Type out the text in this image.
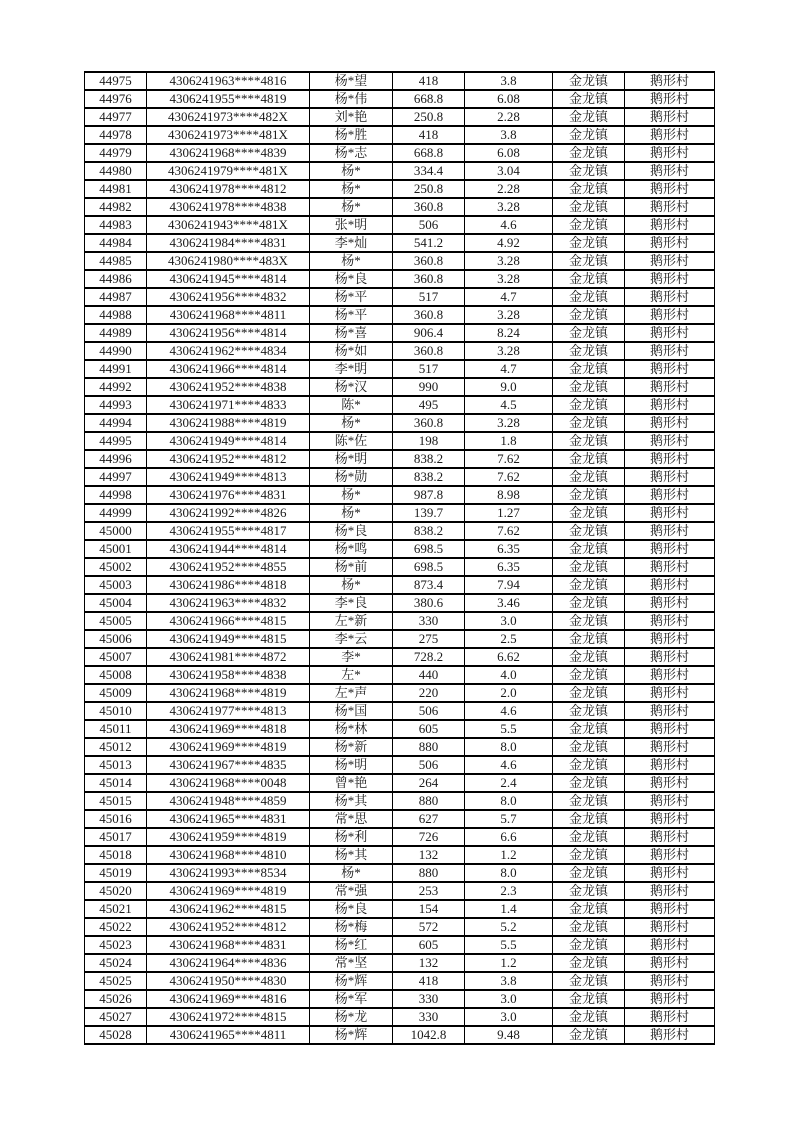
44975	4306241963****4816	杨*望	418	3.8	金龙镇	鹅形村
44976	4306241955****4819	杨*伟	668.8	6.08	金龙镇	鹅形村
44977	4306241973****482X	刘*艳	250.8	2.28	金龙镇	鹅形村
44978	4306241973****481X	杨*胜	418	3.8	金龙镇	鹅形村
44979	4306241968****4839	杨*志	668.8	6.08	金龙镇	鹅形村
44980	4306241979****481X	杨*	334.4	3.04	金龙镇	鹅形村
44981	4306241978****4812	杨*	250.8	2.28	金龙镇	鹅形村
44982	4306241978****4838	杨*	360.8	3.28	金龙镇	鹅形村
44983	4306241943****481X	张*明	506	4.6	金龙镇	鹅形村
44984	4306241984****4831	李*灿	541.2	4.92	金龙镇	鹅形村
44985	4306241980****483X	杨*	360.8	3.28	金龙镇	鹅形村
44986	4306241945****4814	杨*良	360.8	3.28	金龙镇	鹅形村
44987	4306241956****4832	杨*平	517	4.7	金龙镇	鹅形村
44988	4306241968****4811	杨*平	360.8	3.28	金龙镇	鹅形村
44989	4306241956****4814	杨*喜	906.4	8.24	金龙镇	鹅形村
44990	4306241962****4834	杨*如	360.8	3.28	金龙镇	鹅形村
44991	4306241966****4814	李*明	517	4.7	金龙镇	鹅形村
44992	4306241952****4838	杨*汉	990	9.0	金龙镇	鹅形村
44993	4306241971****4833	陈*	495	4.5	金龙镇	鹅形村
44994	4306241988****4819	杨*	360.8	3.28	金龙镇	鹅形村
44995	4306241949****4814	陈*佐	198	1.8	金龙镇	鹅形村
44996	4306241952****4812	杨*明	838.2	7.62	金龙镇	鹅形村
44997	4306241949****4813	杨*勋	838.2	7.62	金龙镇	鹅形村
44998	4306241976****4831	杨*	987.8	8.98	金龙镇	鹅形村
44999	4306241992****4826	杨*	139.7	1.27	金龙镇	鹅形村
45000	4306241955****4817	杨*良	838.2	7.62	金龙镇	鹅形村
45001	4306241944****4814	杨*鸣	698.5	6.35	金龙镇	鹅形村
45002	4306241952****4855	杨*前	698.5	6.35	金龙镇	鹅形村
45003	4306241986****4818	杨*	873.4	7.94	金龙镇	鹅形村
45004	4306241963****4832	李*良	380.6	3.46	金龙镇	鹅形村
45005	4306241966****4815	左*新	330	3.0	金龙镇	鹅形村
45006	4306241949****4815	李*云	275	2.5	金龙镇	鹅形村
45007	4306241981****4872	李*	728.2	6.62	金龙镇	鹅形村
45008	4306241958****4838	左*	440	4.0	金龙镇	鹅形村
45009	4306241968****4819	左*声	220	2.0	金龙镇	鹅形村
45010	4306241977****4813	杨*国	506	4.6	金龙镇	鹅形村
45011	4306241969****4818	杨*林	605	5.5	金龙镇	鹅形村
45012	4306241969****4819	杨*新	880	8.0	金龙镇	鹅形村
45013	4306241967****4835	杨*明	506	4.6	金龙镇	鹅形村
45014	4306241968****0048	曾*艳	264	2.4	金龙镇	鹅形村
45015	4306241948****4859	杨*其	880	8.0	金龙镇	鹅形村
45016	4306241965****4831	常*思	627	5.7	金龙镇	鹅形村
45017	4306241959****4819	杨*利	726	6.6	金龙镇	鹅形村
45018	4306241968****4810	杨*其	132	1.2	金龙镇	鹅形村
45019	4306241993****8534	杨*	880	8.0	金龙镇	鹅形村
45020	4306241969****4819	常*强	253	2.3	金龙镇	鹅形村
45021	4306241962****4815	杨*良	154	1.4	金龙镇	鹅形村
45022	4306241952****4812	杨*梅	572	5.2	金龙镇	鹅形村
45023	4306241968****4831	杨*红	605	5.5	金龙镇	鹅形村
45024	4306241964****4836	常*坚	132	1.2	金龙镇	鹅形村
45025	4306241950****4830	杨*辉	418	3.8	金龙镇	鹅形村
45026	4306241969****4816	杨*军	330	3.0	金龙镇	鹅形村
45027	4306241972****4815	杨*龙	330	3.0	金龙镇	鹅形村
45028	4306241965****4811	杨*辉	1042.8	9.48	金龙镇	鹅形村
